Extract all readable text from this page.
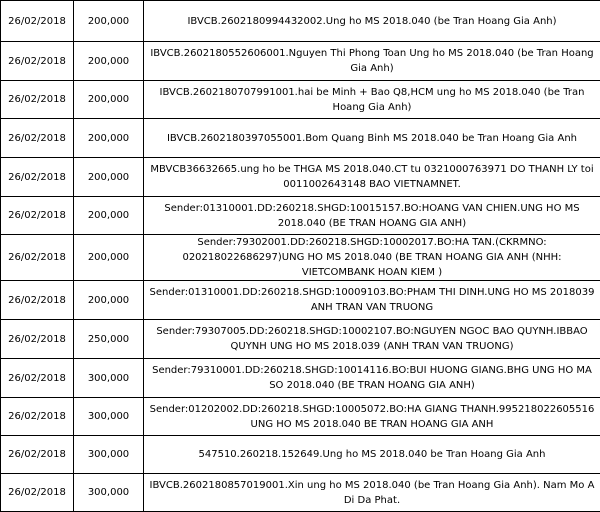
26/02/2018	200,000	IBVCB.2602180994432002.Ung ho MS 2018.040 (be Tran Hoang Gia Anh)
26/02/2018	200,000	IBVCB.2602180552606001.Nguyen Thi Phong Toan Ung ho MS 2018.040 (be Tran Hoang Gia Anh)
26/02/2018	200,000	IBVCB.2602180707991001.hai be Minh + Bao Q8,HCM ung ho MS 2018.040 (be Tran Hoang Gia Anh)
26/02/2018	200,000	IBVCB.2602180397055001.Bom Quang Binh MS 2018.040 be Tran Hoang Gia Anh
26/02/2018	200,000	MBVCB36632665.ung ho be THGA MS 2018.040.CT tu 0321000763971 DO THANH LY toi 0011002643148 BAO VIETNAMNET.
26/02/2018	200,000	Sender:01310001.DD:260218.SHGD:10015157.BO:HOANG VAN CHIEN.UNG HO MS 2018.040 (BE TRAN HOANG GIA ANH)
26/02/2018	200,000	Sender:79302001.DD:260218.SHGD:10002017.BO:HA TAN.(CKRMNO: 020218022686297)UNG HO MS 2018.040 (BE TRAN HOANG GIA ANH (NHH: VIETCOMBANK HOAN KIEM )
26/02/2018	200,000	Sender:01310001.DD:260218.SHGD:10009103.BO:PHAM THI DINH.UNG HO MS 2018039 ANH TRAN VAN TRUONG
26/02/2018	250,000	Sender:79307005.DD:260218.SHGD:10002107.BO:NGUYEN NGOC BAO QUYNH.IBBAO QUYNH UNG HO MS 2018.039 (ANH TRAN VAN TRUONG)
26/02/2018	300,000	Sender:79310001.DD:260218.SHGD:10014116.BO:BUI HUONG GIANG.BHG UNG HO MA SO 2018.040 (BE TRAN HOANG GIA ANH)
26/02/2018	300,000	Sender:01202002.DD:260218.SHGD:10005072.BO:HA GIANG THANH.995218022605516 UNG HO MS 2018.040 BE TRAN HOANG GIA ANH
26/02/2018	300,000	547510.260218.152649.Ung ho MS 2018.040 be Tran Hoang Gia Anh
26/02/2018	300,000	IBVCB.2602180857019001.Xin ung ho MS 2018.040 (be Tran Hoang Gia Anh). Nam Mo A Di Da Phat.
